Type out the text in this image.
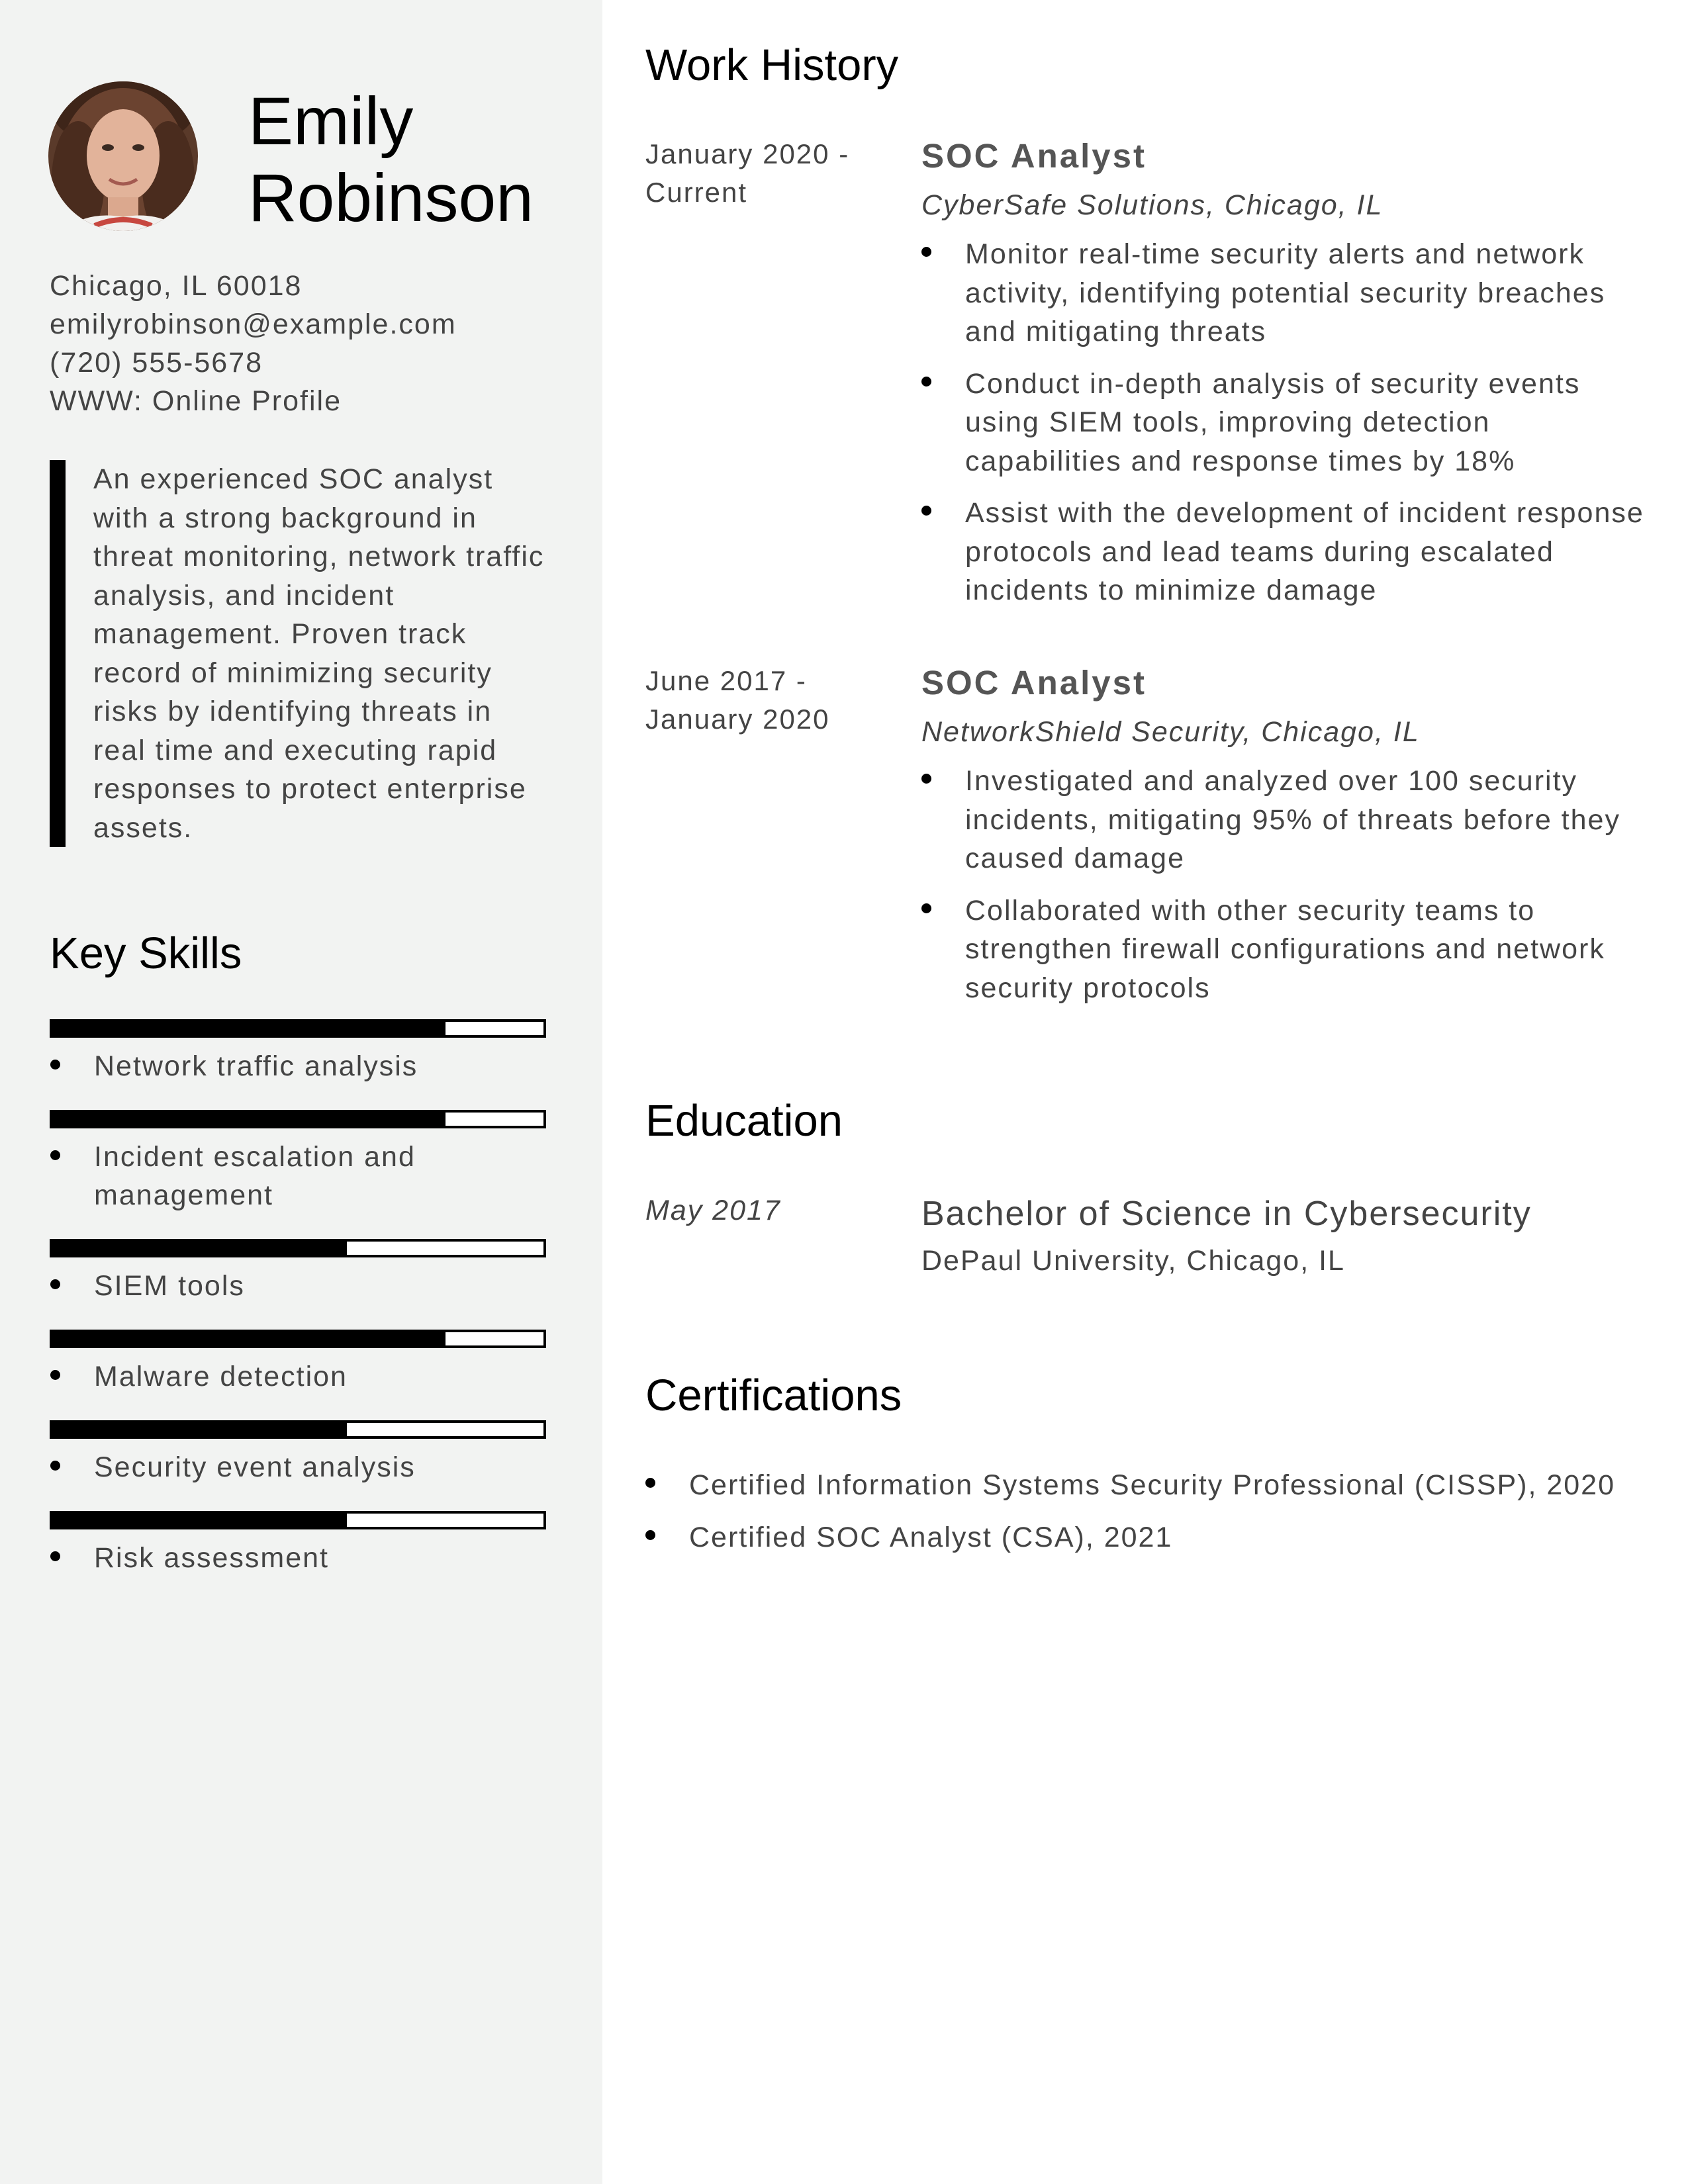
Emily
Robinson
Chicago, IL 60018
emilyrobinson@example.com
(720) 555-5678
WWW: Online Profile
An experienced SOC analyst with a strong background in threat monitoring, network traffic analysis, and incident management. Proven track record of minimizing security risks by identifying threats in real time and executing rapid responses to protect enterprise assets.
Key Skills
Network traffic analysis
Incident escalation and management
SIEM tools
Malware detection
Security event analysis
Risk assessment
Work History
January 2020 - Current
SOC Analyst
CyberSafe Solutions, Chicago, IL
Monitor real-time security alerts and network activity, identifying potential security breaches and mitigating threats
Conduct in-depth analysis of security events using SIEM tools, improving detection capabilities and response times by 18%
Assist with the development of incident response protocols and lead teams during escalated incidents to minimize damage
June 2017 - January 2020
SOC Analyst
NetworkShield Security, Chicago, IL
Investigated and analyzed over 100 security incidents, mitigating 95% of threats before they caused damage
Collaborated with other security teams to strengthen firewall configurations and network security protocols
Education
May 2017	Bachelor of Science in Cybersecurity
DePaul University, Chicago, IL
Certifications
Certified Information Systems Security Professional (CISSP), 2020
Certified SOC Analyst (CSA), 2021
